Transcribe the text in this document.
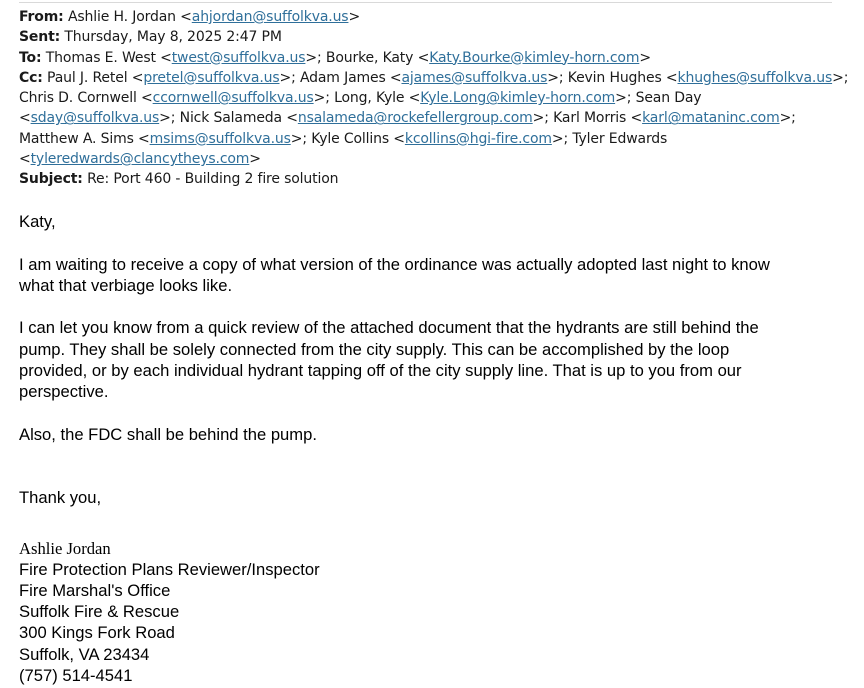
From: Ashlie H. Jordan <ahjordan@suffolkva.us>
Sent: Thursday, May 8, 2025 2:47 PM
To: Thomas E. West <twest@suffolkva.us>; Bourke, Katy <Katy.Bourke@kimley-horn.com>
Cc: Paul J. Retel <pretel@suffolkva.us>; Adam James <ajames@suffolkva.us>; Kevin Hughes <khughes@suffolkva.us>;
Chris D. Cornwell <ccornwell@suffolkva.us>; Long, Kyle <Kyle.Long@kimley-horn.com>; Sean Day
<sday@suffolkva.us>; Nick Salameda <nsalameda@rockefellergroup.com>; Karl Morris <karl@mataninc.com>;
Matthew A. Sims <msims@suffolkva.us>; Kyle Collins <kcollins@hgi-fire.com>; Tyler Edwards
<tyleredwards@clancytheys.com>
Subject: Re: Port 460 - Building 2 fire solution

Katy,

I am waiting to receive a copy of what version of the ordinance was actually adopted last night to know

what that verbiage looks like.

I can let you know from a quick review of the attached document that the hydrants are still behind the

pump. They shall be solely connected from the city supply. This can be accomplished by the loop

provided, or by each individual hydrant tapping off of the city supply line. That is up to you from our

perspective.

Also, the FDC shall be behind the pump.

Thank you,

Ashlie Jordan

Fire Protection Plans Reviewer/Inspector

Fire Marshal's Office

Suffolk Fire & Rescue

300 Kings Fork Road

Suffolk, VA 23434

(757) 514-4541
